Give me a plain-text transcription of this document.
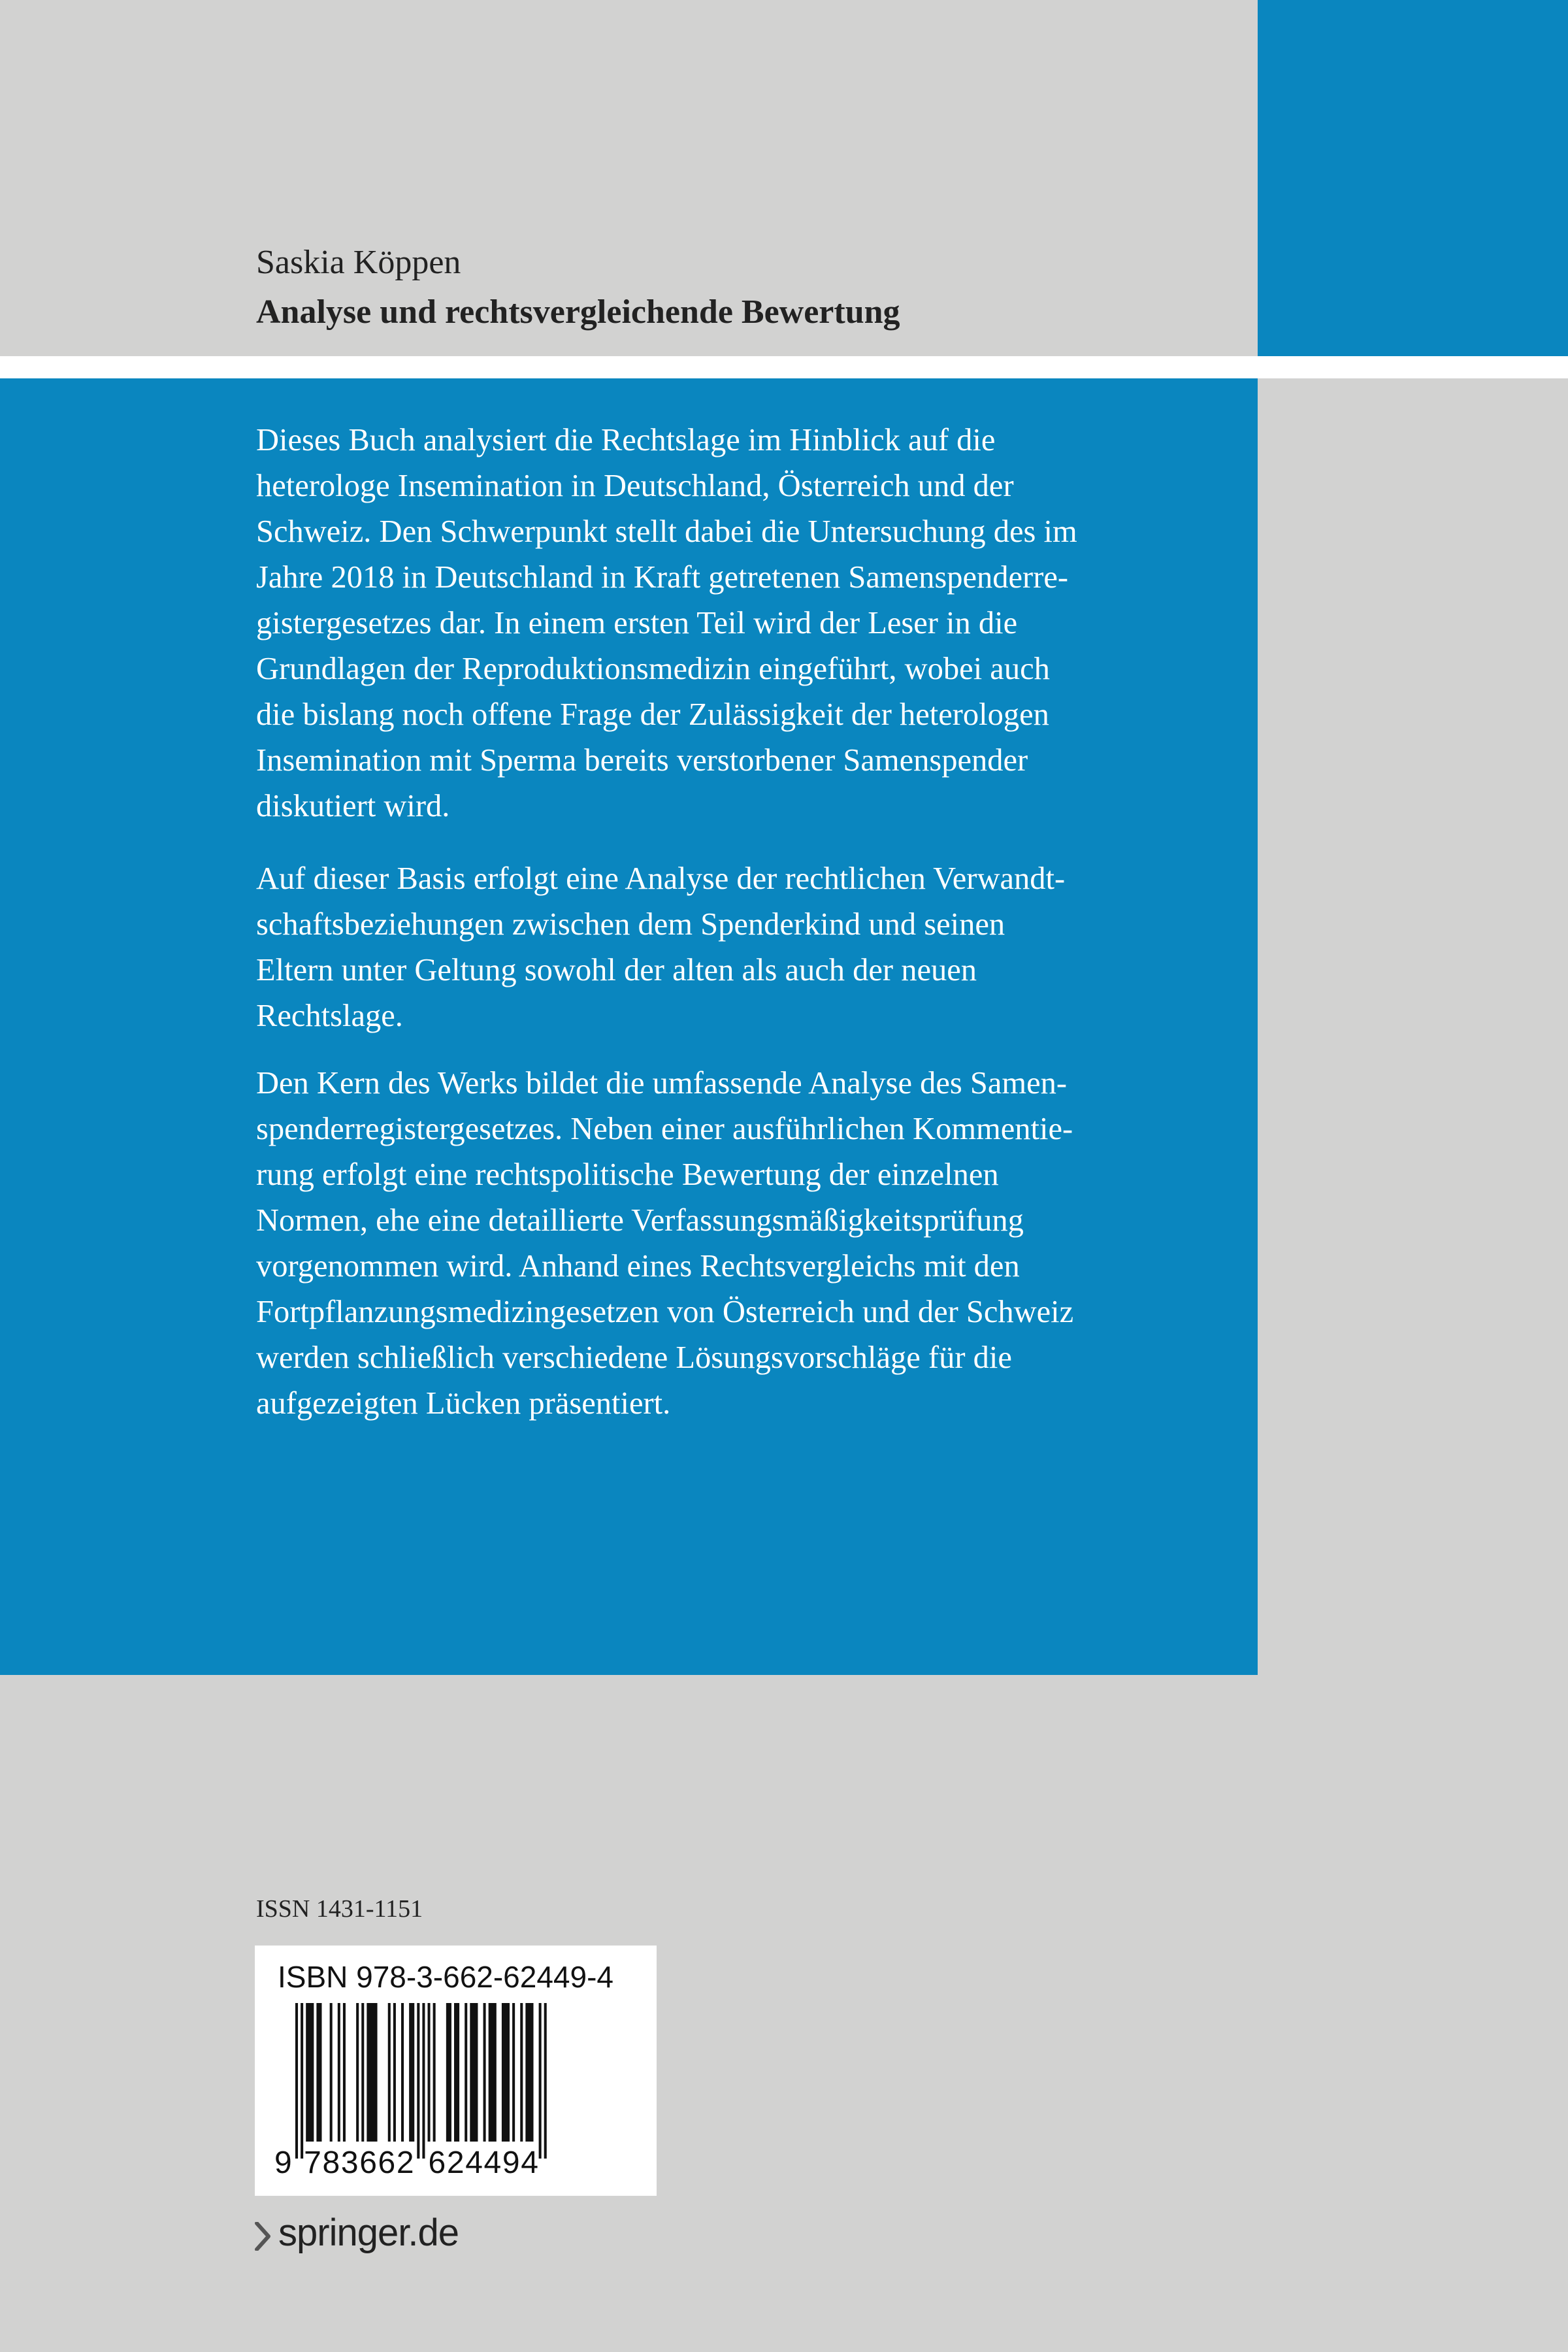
Saskia Köppen
Analyse und rechtsvergleichende Bewertung
Dieses Buch analysiert die Rechtslage im Hinblick auf die
heterologe Insemination in Deutschland, Österreich und der
Schweiz. Den Schwerpunkt stellt dabei die Untersuchung des im
Jahre 2018 in Deutschland in Kraft getretenen Samenspenderre-
gistergesetzes dar. In einem ersten Teil wird der Leser in die
Grundlagen der Reproduktionsmedizin eingeführt, wobei auch
die bislang noch offene Frage der Zulässigkeit der heterologen
Insemination mit Sperma bereits verstorbener Samenspender
diskutiert wird.
Auf dieser Basis erfolgt eine Analyse der rechtlichen Verwandt-
schaftsbeziehungen zwischen dem Spenderkind und seinen
Eltern unter Geltung sowohl der alten als auch der neuen
Rechtslage.
Den Kern des Werks bildet die umfassende Analyse des Samen-
spenderregistergesetzes. Neben einer ausführlichen Kommentie-
rung erfolgt eine rechtspolitische Bewertung der einzelnen
Normen, ehe eine detaillierte Verfassungsmäßigkeitsprüfung
vorgenommen wird. Anhand eines Rechtsvergleichs mit den
Fortpflanzungsmedizingesetzen von Österreich und der Schweiz
werden schließlich verschiedene Lösungsvorschläge für die
aufgezeigten Lücken präsentiert.
ISSN 1431-1151
ISBN 978-3-662-62449-4
9 7 8 3 6 6 2 6 2 4 4 9 4
springer.de
